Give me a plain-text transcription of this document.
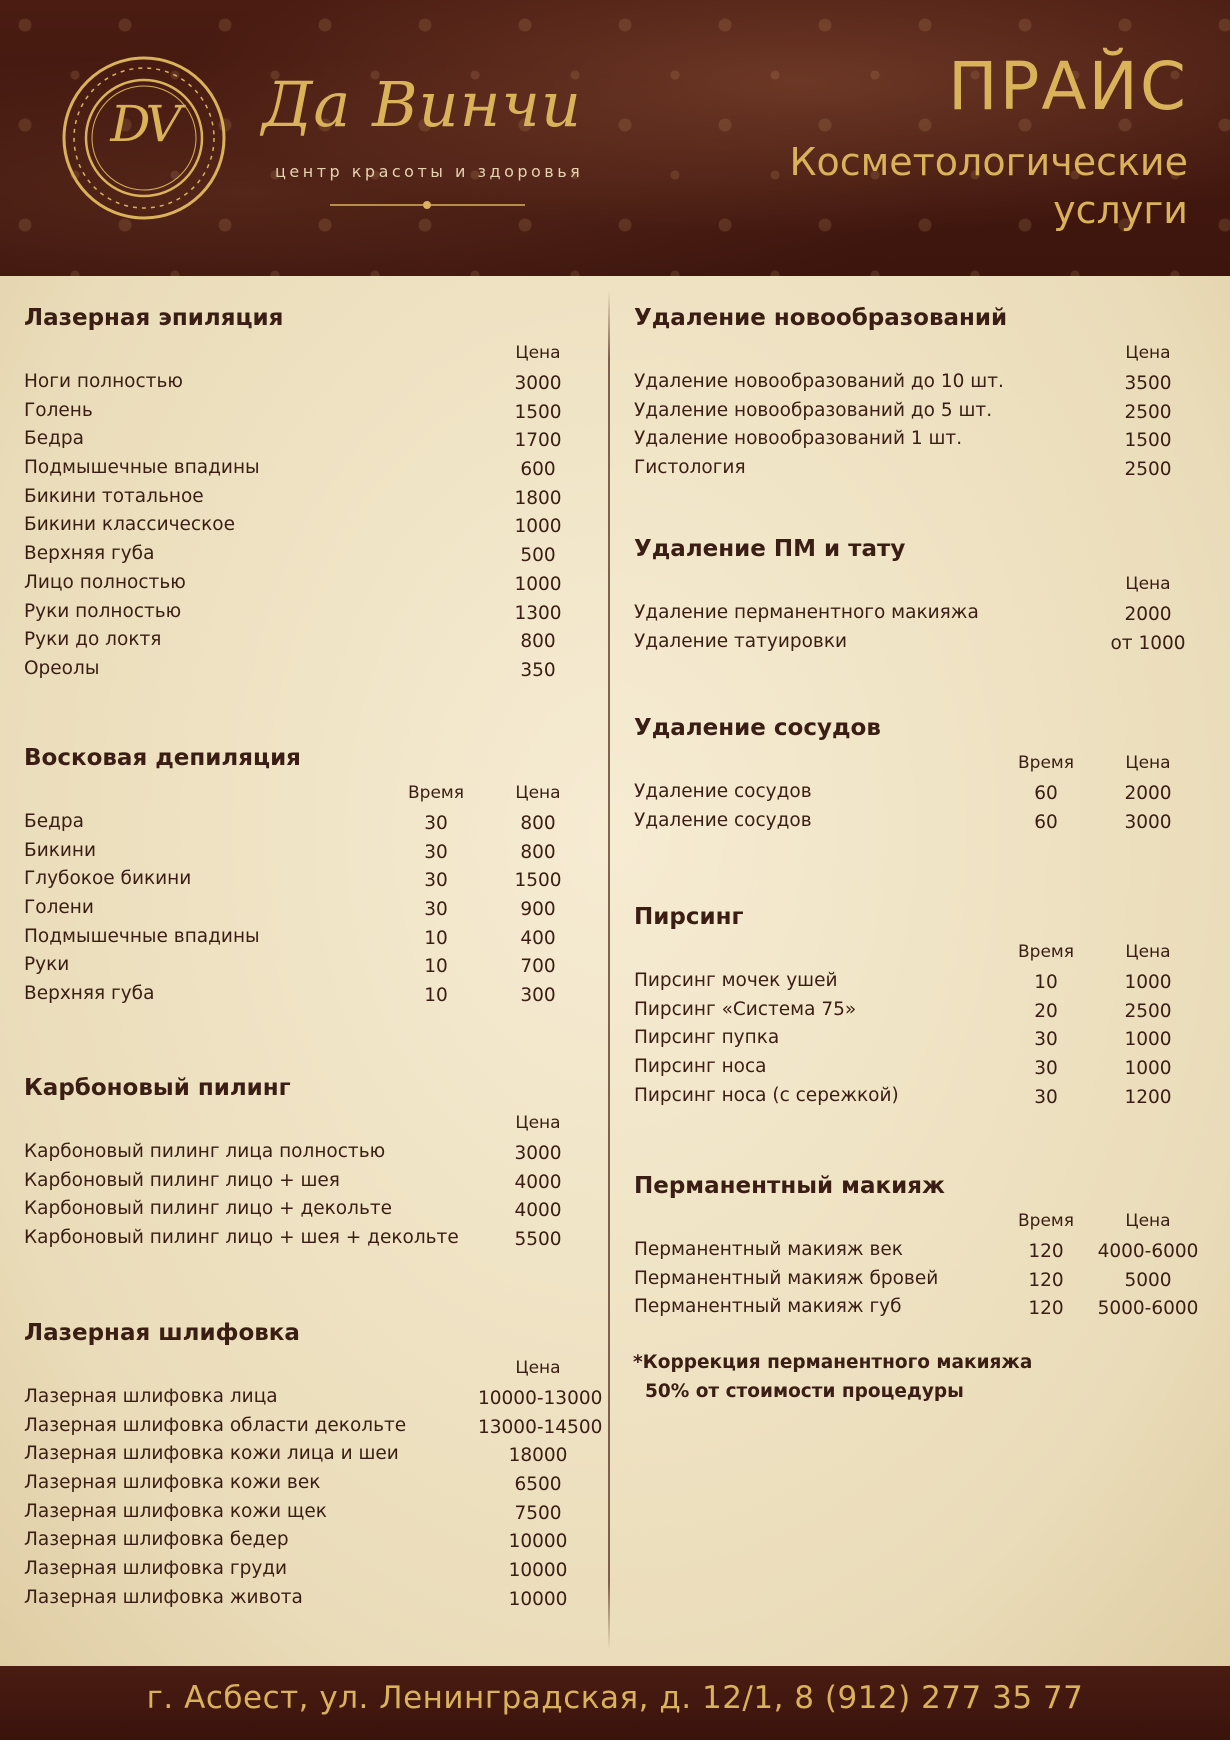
DV	Да Винчи
центр красоты и здоровья
ПРАЙС
Косметологические
услуги
Лазерная эпиляция
Цена
Ноги полностью	3000
Голень	1500
Бедра	1700
Подмышечные впадины	600
Бикини тотальное	1800
Бикини классическое	1000
Верхняя губа	500
Лицо полностью	1000
Руки полностью	1300
Руки до локтя	800
Ореолы	350
Восковая депиляция
Время	Цена
Бедра	30	800
Бикини	30	800
Глубокое бикини	30	1500
Голени	30	900
Подмышечные впадины	10	400
Руки	10	700
Верхняя губа	10	300
Карбоновый пилинг
Цена
Карбоновый пилинг лица полностью	3000
Карбоновый пилинг лицо + шея	4000
Карбоновый пилинг лицо + декольте	4000
Карбоновый пилинг лицо + шея + декольте	5500
Лазерная шлифовка
Цена
Лазерная шлифовка лица	10000-13000
Лазерная шлифовка области декольте	13000-14500
Лазерная шлифовка кожи лица и шеи	18000
Лазерная шлифовка кожи век	6500
Лазерная шлифовка кожи щек	7500
Лазерная шлифовка бедер	10000
Лазерная шлифовка груди	10000
Лазерная шлифовка живота	10000
Удаление новообразований
Цена
Удаление новообразований до 10 шт.	3500
Удаление новообразований до 5 шт.	2500
Удаление новообразований 1 шт.	1500
Гистология	2500
Удаление ПМ и тату
Цена
Удаление перманентного макияжа	2000
Удаление татуировки	от 1000
Удаление сосудов
Время	Цена
Удаление сосудов	60	2000
Удаление сосудов	60	3000
Пирсинг
Время	Цена
Пирсинг мочек ушей	10	1000
Пирсинг «Система 75»	20	2500
Пирсинг пупка	30	1000
Пирсинг носа	30	1000
Пирсинг носа (с сережкой)	30	1200
Перманентный макияж
Время	Цена
Перманентный макияж век	120	4000-6000
Перманентный макияж бровей	120	5000
Перманентный макияж губ	120	5000-6000
*Коррекция перманентного макияжа
50% от стоимости процедуры
г. Асбест, ул. Ленинградская, д. 12/1, 8 (912) 277 35 77
